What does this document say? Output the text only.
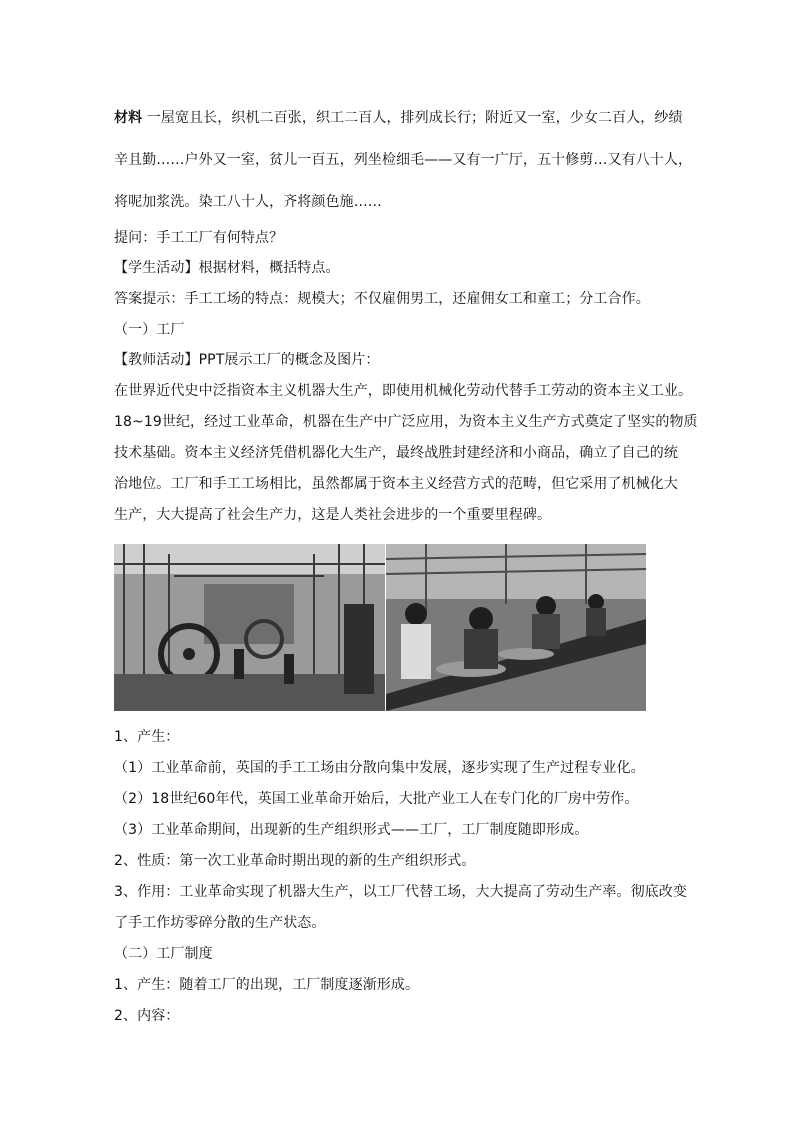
材料 一屋宽且长，织机二百张，织工二百人，排列成长行；附近又一室，少女二百人，纱绩
辛且勤……户外又一室，贫儿一百五，列坐检细毛——又有一广厅，五十修剪…又有八十人，
将呢加浆洗。染工八十人，齐将颜色施……
提问：手工工厂有何特点？
【学生活动】根据材料，概括特点。
答案提示：手工工场的特点：规模大；不仅雇佣男工，还雇佣女工和童工；分工合作。
（一）工厂
【教师活动】PPT展示工厂的概念及图片：
在世界近代史中泛指资本主义机器大生产，即使用机械化劳动代替手工劳动的资本主义工业。
18~19世纪，经过工业革命，机器在生产中广泛应用，为资本主义生产方式奠定了坚实的物质
技术基础。资本主义经济凭借机器化大生产，最终战胜封建经济和小商品，确立了自己的统
治地位。工厂和手工工场相比，虽然都属于资本主义经营方式的范畴，但它采用了机械化大
生产，大大提高了社会生产力，这是人类社会进步的一个重要里程碑。
1、产生：
（1）工业革命前，英国的手工工场由分散向集中发展，逐步实现了生产过程专业化。
（2）18世纪60年代，英国工业革命开始后，大批产业工人在专门化的厂房中劳作。
（3）工业革命期间，出现新的生产组织形式——工厂，工厂制度随即形成。
2、性质：第一次工业革命时期出现的新的生产组织形式。
3、作用：工业革命实现了机器大生产，以工厂代替工场，大大提高了劳动生产率。彻底改变
了手工作坊零碎分散的生产状态。
（二）工厂制度
1、产生：随着工厂的出现，工厂制度逐渐形成。
2、内容：
